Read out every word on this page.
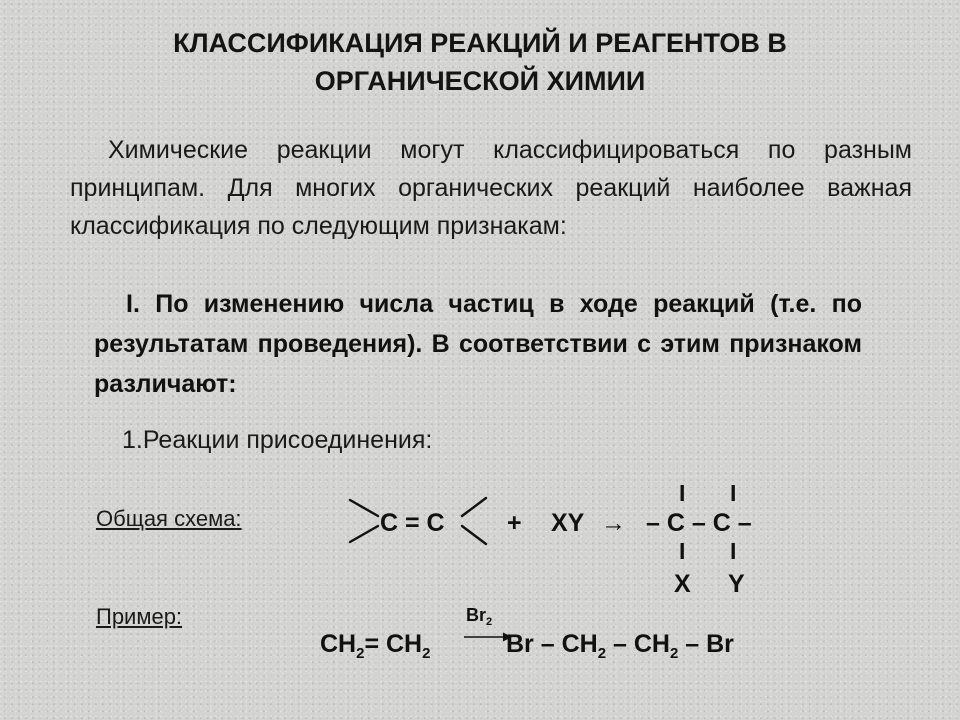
КЛАССИФИКАЦИЯ РЕАКЦИЙ И РЕАГЕНТОВ В
ОРГАНИЧЕСКОЙ ХИМИИ
Химические реакции могут классифицироваться по разным принципам. Для многих органических реакций наиболее важная классификация по следующим признакам:
I. По изменению числа частиц в ходе реакций (т.е. по результатам проведения). В соответствии с этим признаком различают:
1.Реакции присоединения:
Общая схема:
Пример:
C = C + XY → – C – C –
I I
I I
X Y
$CH_2= CH_2$
$Br_2$
Br – $CH_2 - CH_2$ – Br
